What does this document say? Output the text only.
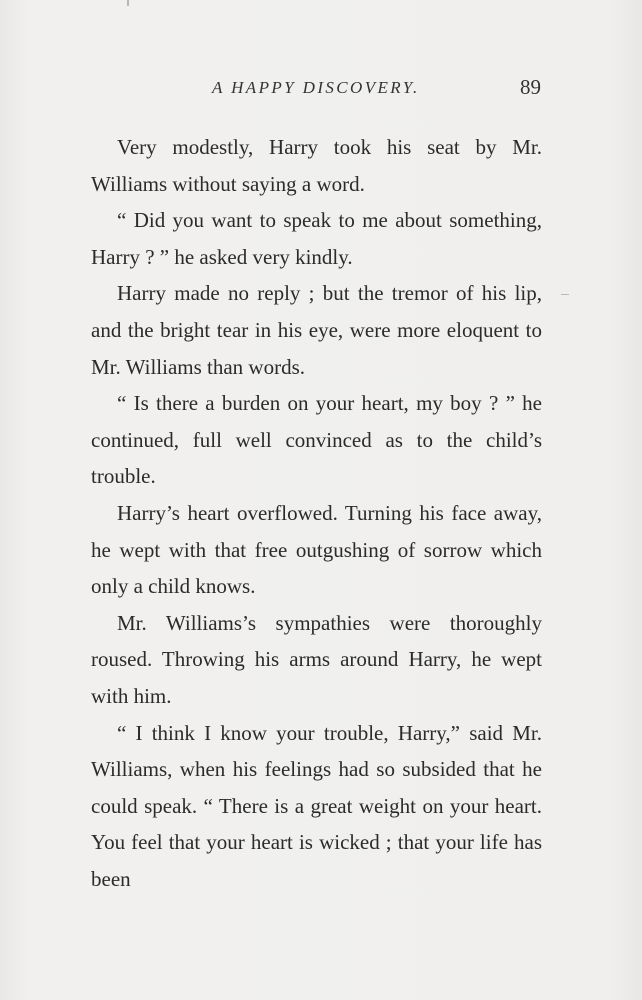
A HAPPY DISCOVERY.	89

Very modestly, Harry took his seat by Mr. Williams without saying a word.

“ Did you want to speak to me about something, Harry ? ” he asked very kindly.

Harry made no reply ; but the tremor of his lip, and the bright tear in his eye, were more eloquent to Mr. Williams than words.

“ Is there a burden on your heart, my boy ? ” he continued, full well convinced as to the child’s trouble.

Harry’s heart overflowed. Turning his face away, he wept with that free outgushing of sorrow which only a child knows.

Mr. Williams’s sympathies were thoroughly roused. Throwing his arms around Harry, he wept with him.

“ I think I know your trouble, Harry,” said Mr. Williams, when his feelings had so subsided that he could speak. “ There is a great weight on your heart. You feel that your heart is wicked ; that your life has been
